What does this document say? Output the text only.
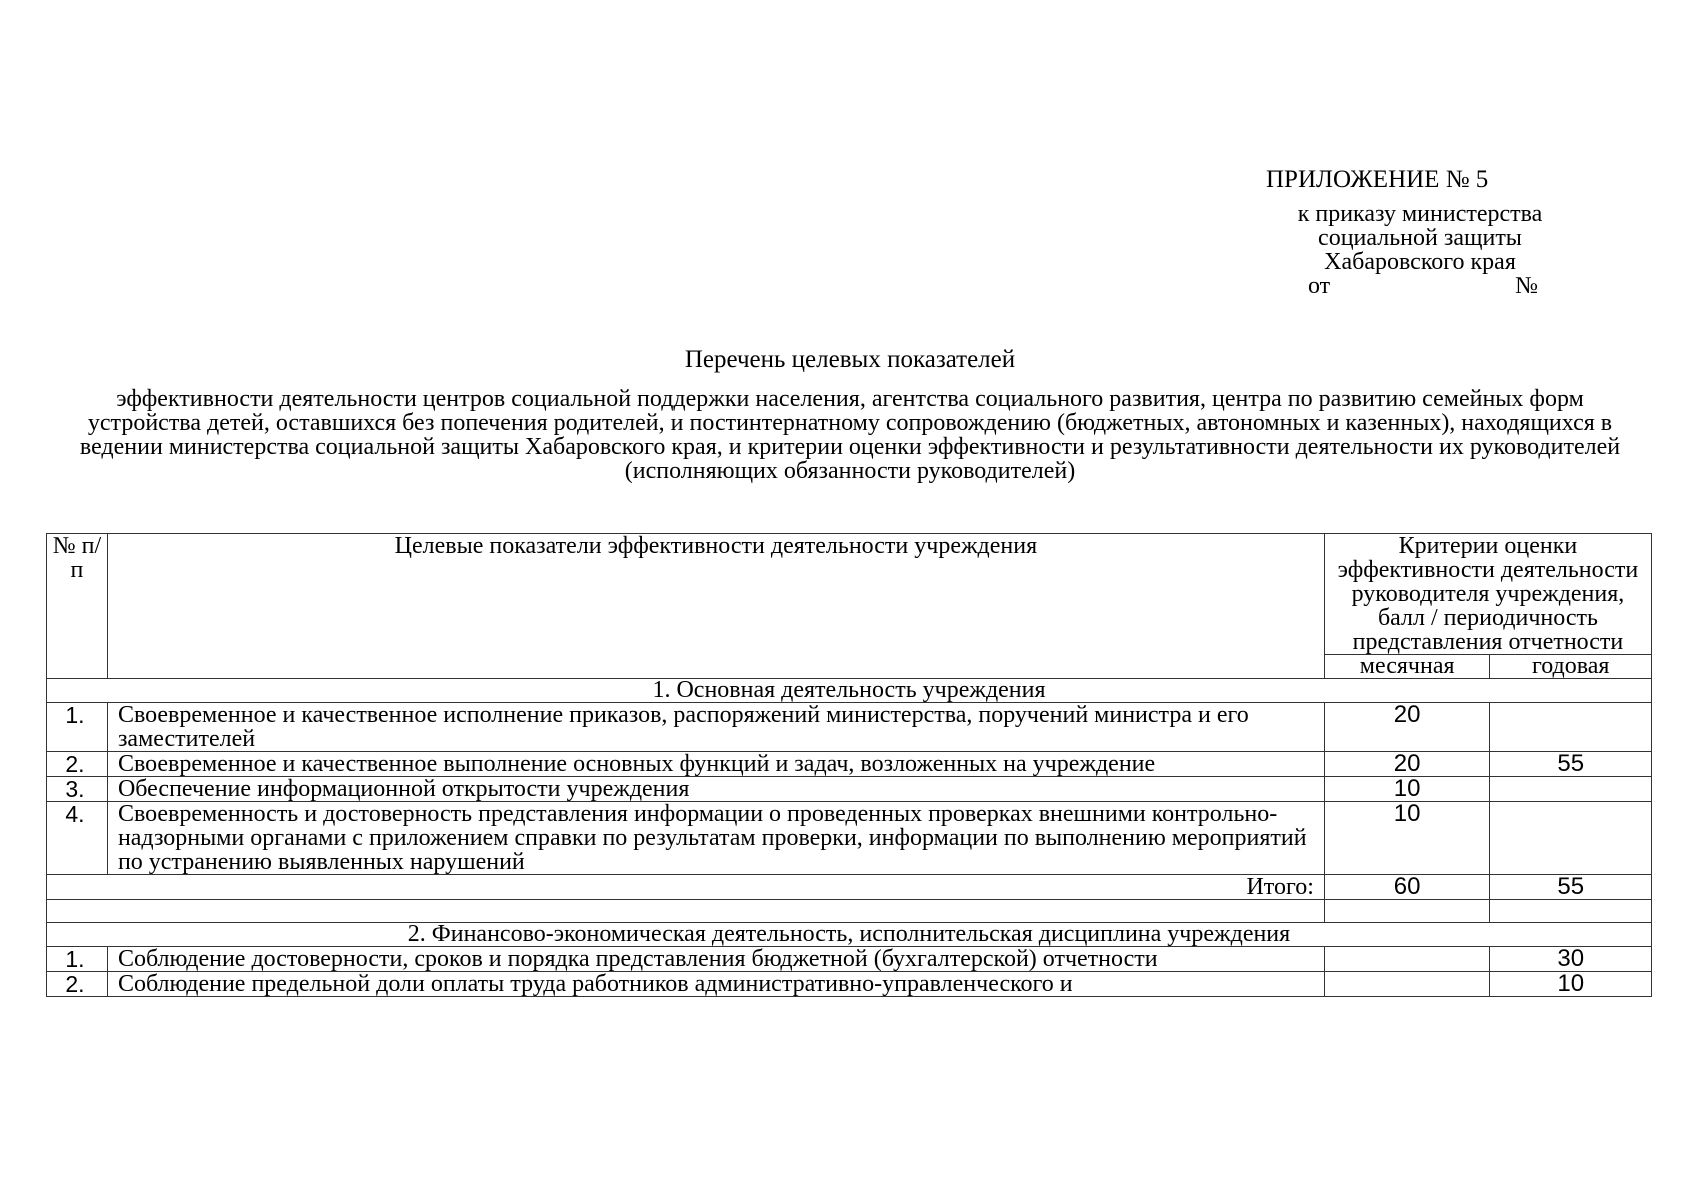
ПРИЛОЖЕНИЕ № 5
к приказу министерства
социальной защиты
Хабаровского края
от	№
Перечень целевых показателей
эффективности деятельности центров социальной поддержки населения, агентства социального развития, центра по развитию семейных форм устройства детей, оставшихся без попечения родителей, и постинтернатному сопровождению (бюджетных, автономных и казенных), находящихся в ведении министерства социальной защиты Хабаровского края, и критерии оценки эффективности и результативности деятельности их руководителей (исполняющих обязанности руководителей)
№ п/п	Целевые показатели эффективности деятельности учреждения	Критерии оценки эффективности деятельности руководителя учреждения, балл / периодичность представления отчетности	
		месячная	годовая
1. Основная деятельность учреждения			
1.	Своевременное и качественное исполнение приказов, распоряжений министерства, поручений министра и его заместителей	20	
2.	Своевременное и качественное выполнение основных функций и задач, возложенных на учреждение	20	55
3.	Обеспечение информационной открытости учреждения	10	
4.	Своевременность и достоверность представления информации о проведенных проверках внешними контрольно-надзорными органами с приложением справки по результатам проверки, информации по выполнению мероприятий по устранению выявленных нарушений	10	
Итого:		60	55

2. Финансово-экономическая деятельность, исполнительская дисциплина учреждения			
1.	Соблюдение достоверности, сроков и порядка представления бюджетной (бухгалтерской) отчетности		30
2.	Соблюдение предельной доли оплаты труда работников административно-управленческого и		10
